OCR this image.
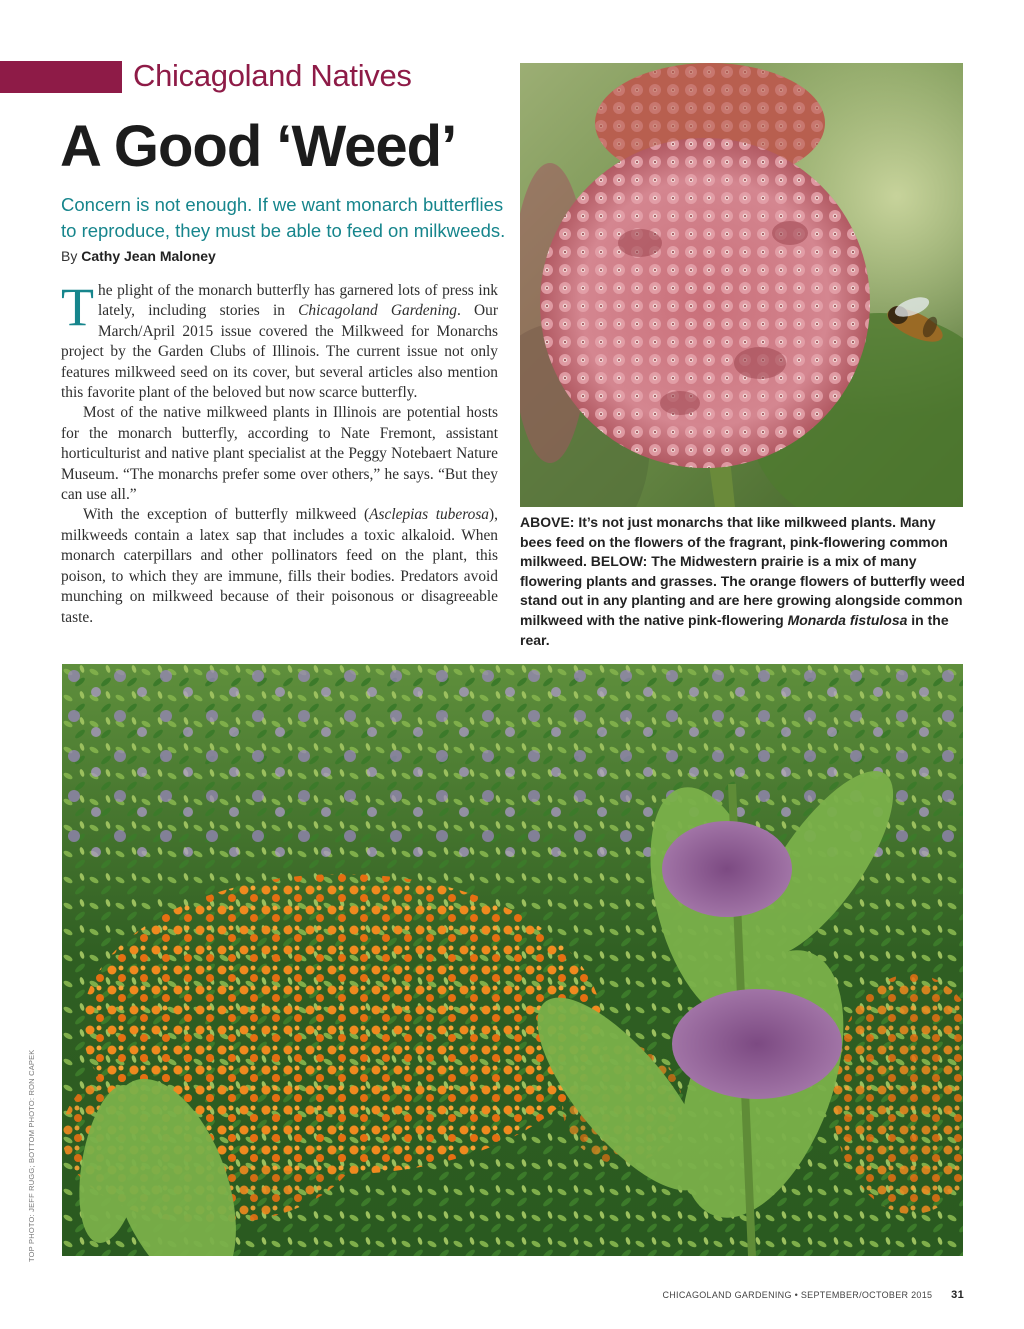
Chicagoland Natives
A Good ‘Weed’
Concern is not enough. If we want monarch butterflies to reproduce, they must be able to feed on milkweeds.
By Cathy Jean Maloney

The plight of the monarch butterfly has garnered lots of press ink lately, including stories in Chicagoland Gardening. Our March/April 2015 issue covered the Milkweed for Monarchs project by the Garden Clubs of Illinois. The current issue not only features milkweed seed on its cover, but several articles also mention this favorite plant of the beloved but now scarce butterfly.

Most of the native milkweed plants in Illinois are potential hosts for the monarch butterfly, according to Nate Fremont, assistant horticulturist and native plant specialist at the Peggy Notebaert Nature Museum. “The monarchs prefer some over others,” he says. “But they can use all.”

With the exception of butterfly milkweed (Asclepias tuberosa), milkweeds contain a latex sap that includes a toxic alkaloid. When monarch caterpillars and other pollinators feed on the plant, this poison, to which they are immune, fills their bodies. Predators avoid munching on milkweed because of their poisonous or disagreeable taste.

ABOVE: It’s not just monarchs that like milkweed plants. Many bees feed on the flowers of the fragrant, pink-flowering common milkweed. BELOW: The Midwestern prairie is a mix of many flowering plants and grasses. The orange flowers of butterfly weed stand out in any planting and are here growing alongside common milkweed with the native pink-flowering Monarda fistulosa in the rear.
TOP PHOTO: JEFF RUGG; BOTTOM PHOTO: RON CAPEK
CHICAGOLAND GARDENING • SEPTEMBER/OCTOBER 2015 31
